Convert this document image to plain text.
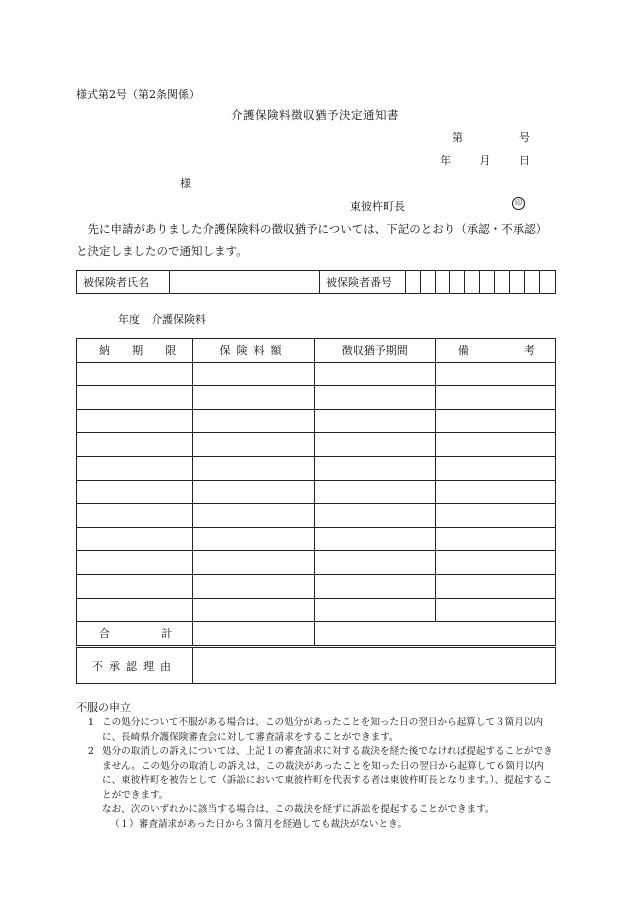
様式第2号（第2条関係）
介護保険料徴収猶予決定通知書
第	号
年	月	日
様
東彼杵町長	印
 先に申請がありました介護保険料の徴収猶予については、下記のとおり（承認・不承認）と決定しましたので通知します。
被保険者氏名	被保険者番号
年度　介護保険料
納 期 限	保険料額	徴収猶予期間	備 考

合 計			

不承認理由
不服の申立
1 この処分について不服がある場合は、この処分があったことを知った日の翌日から起算して３箇月以内に、長崎県介護保険審査会に対して審査請求をすることができます。
2 処分の取消しの訴えについては、上記１の審査請求に対する裁決を経た後でなければ提起することができません。この処分の取消しの訴えは、この裁決があったことを知った日の翌日から起算して６箇月以内に、東彼杵町を被告として（訴訟において東彼杵町を代表する者は東彼杵町長となります。）、提起することができます。
なお、次のいずれかに該当する場合は、この裁決を経ずに訴訟を提起することができます。
（１）審査請求があった日から３箇月を経過しても裁決がないとき。
